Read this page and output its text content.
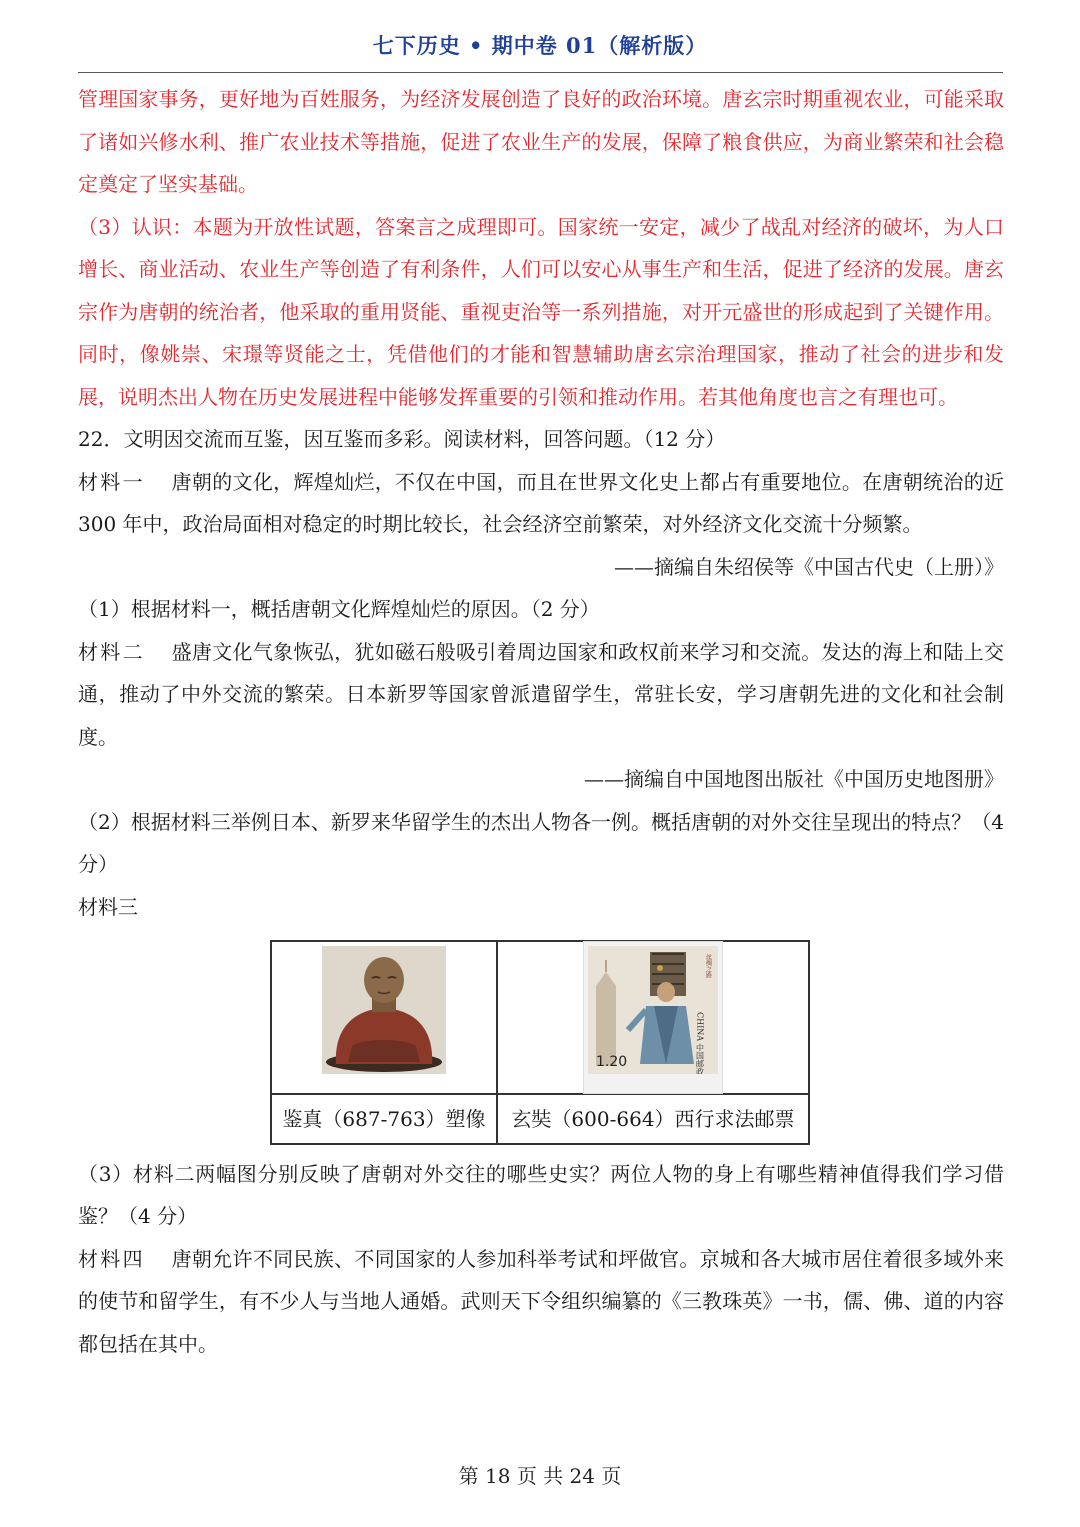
七下历史 • 期中卷 01（解析版）

管理国家事务，更好地为百姓服务，为经济发展创造了良好的政治环境。唐玄宗时期重视农业，可能采取了诸如兴修水利、推广农业技术等措施，促进了农业生产的发展，保障了粮食供应，为商业繁荣和社会稳定奠定了坚实基础。

（3）认识：本题为开放性试题，答案言之成理即可。国家统一安定，减少了战乱对经济的破坏，为人口增长、商业活动、农业生产等创造了有利条件，人们可以安心从事生产和生活，促进了经济的发展。唐玄宗作为唐朝的统治者，他采取的重用贤能、重视吏治等一系列措施，对开元盛世的形成起到了关键作用。同时，像姚崇、宋璟等贤能之士，凭借他们的才能和智慧辅助唐玄宗治理国家，推动了社会的进步和发展，说明杰出人物在历史发展进程中能够发挥重要的引领和推动作用。若其他角度也言之有理也可。

22．文明因交流而互鉴，因互鉴而多彩。阅读材料，回答问题。（12 分）

材料一 唐朝的文化，辉煌灿烂，不仅在中国，而且在世界文化史上都占有重要地位。在唐朝统治的近 300 年中，政治局面相对稳定的时期比较长，社会经济空前繁荣，对外经济文化交流十分频繁。

——摘编自朱绍侯等《中国古代史（上册）》

（1）根据材料一，概括唐朝文化辉煌灿烂的原因。（2 分）

材料二 盛唐文化气象恢弘，犹如磁石般吸引着周边国家和政权前来学习和交流。发达的海上和陆上交通，推动了中外交流的繁荣。日本新罗等国家曾派遣留学生，常驻长安，学习唐朝先进的文化和社会制度。

——摘编自中国地图出版社《中国历史地图册》

（2）根据材料三举例日本、新罗来华留学生的杰出人物各一例。概括唐朝的对外交往呈现出的特点？（4 分）

材料三

1.20 CHINA 中国邮政
丝绸之路

鉴真（687-763）塑像	玄奘（600-664）西行求法邮票

（3）材料二两幅图分别反映了唐朝对外交往的哪些史实？两位人物的身上有哪些精神值得我们学习借鉴？（4 分）

材料四 唐朝允许不同民族、不同国家的人参加科举考试和坪做官。京城和各大城市居住着很多域外来的使节和留学生，有不少人与当地人通婚。武则天下令组织编纂的《三教珠英》一书，儒、佛、道的内容都包括在其中。

第 18 页 共 24 页
